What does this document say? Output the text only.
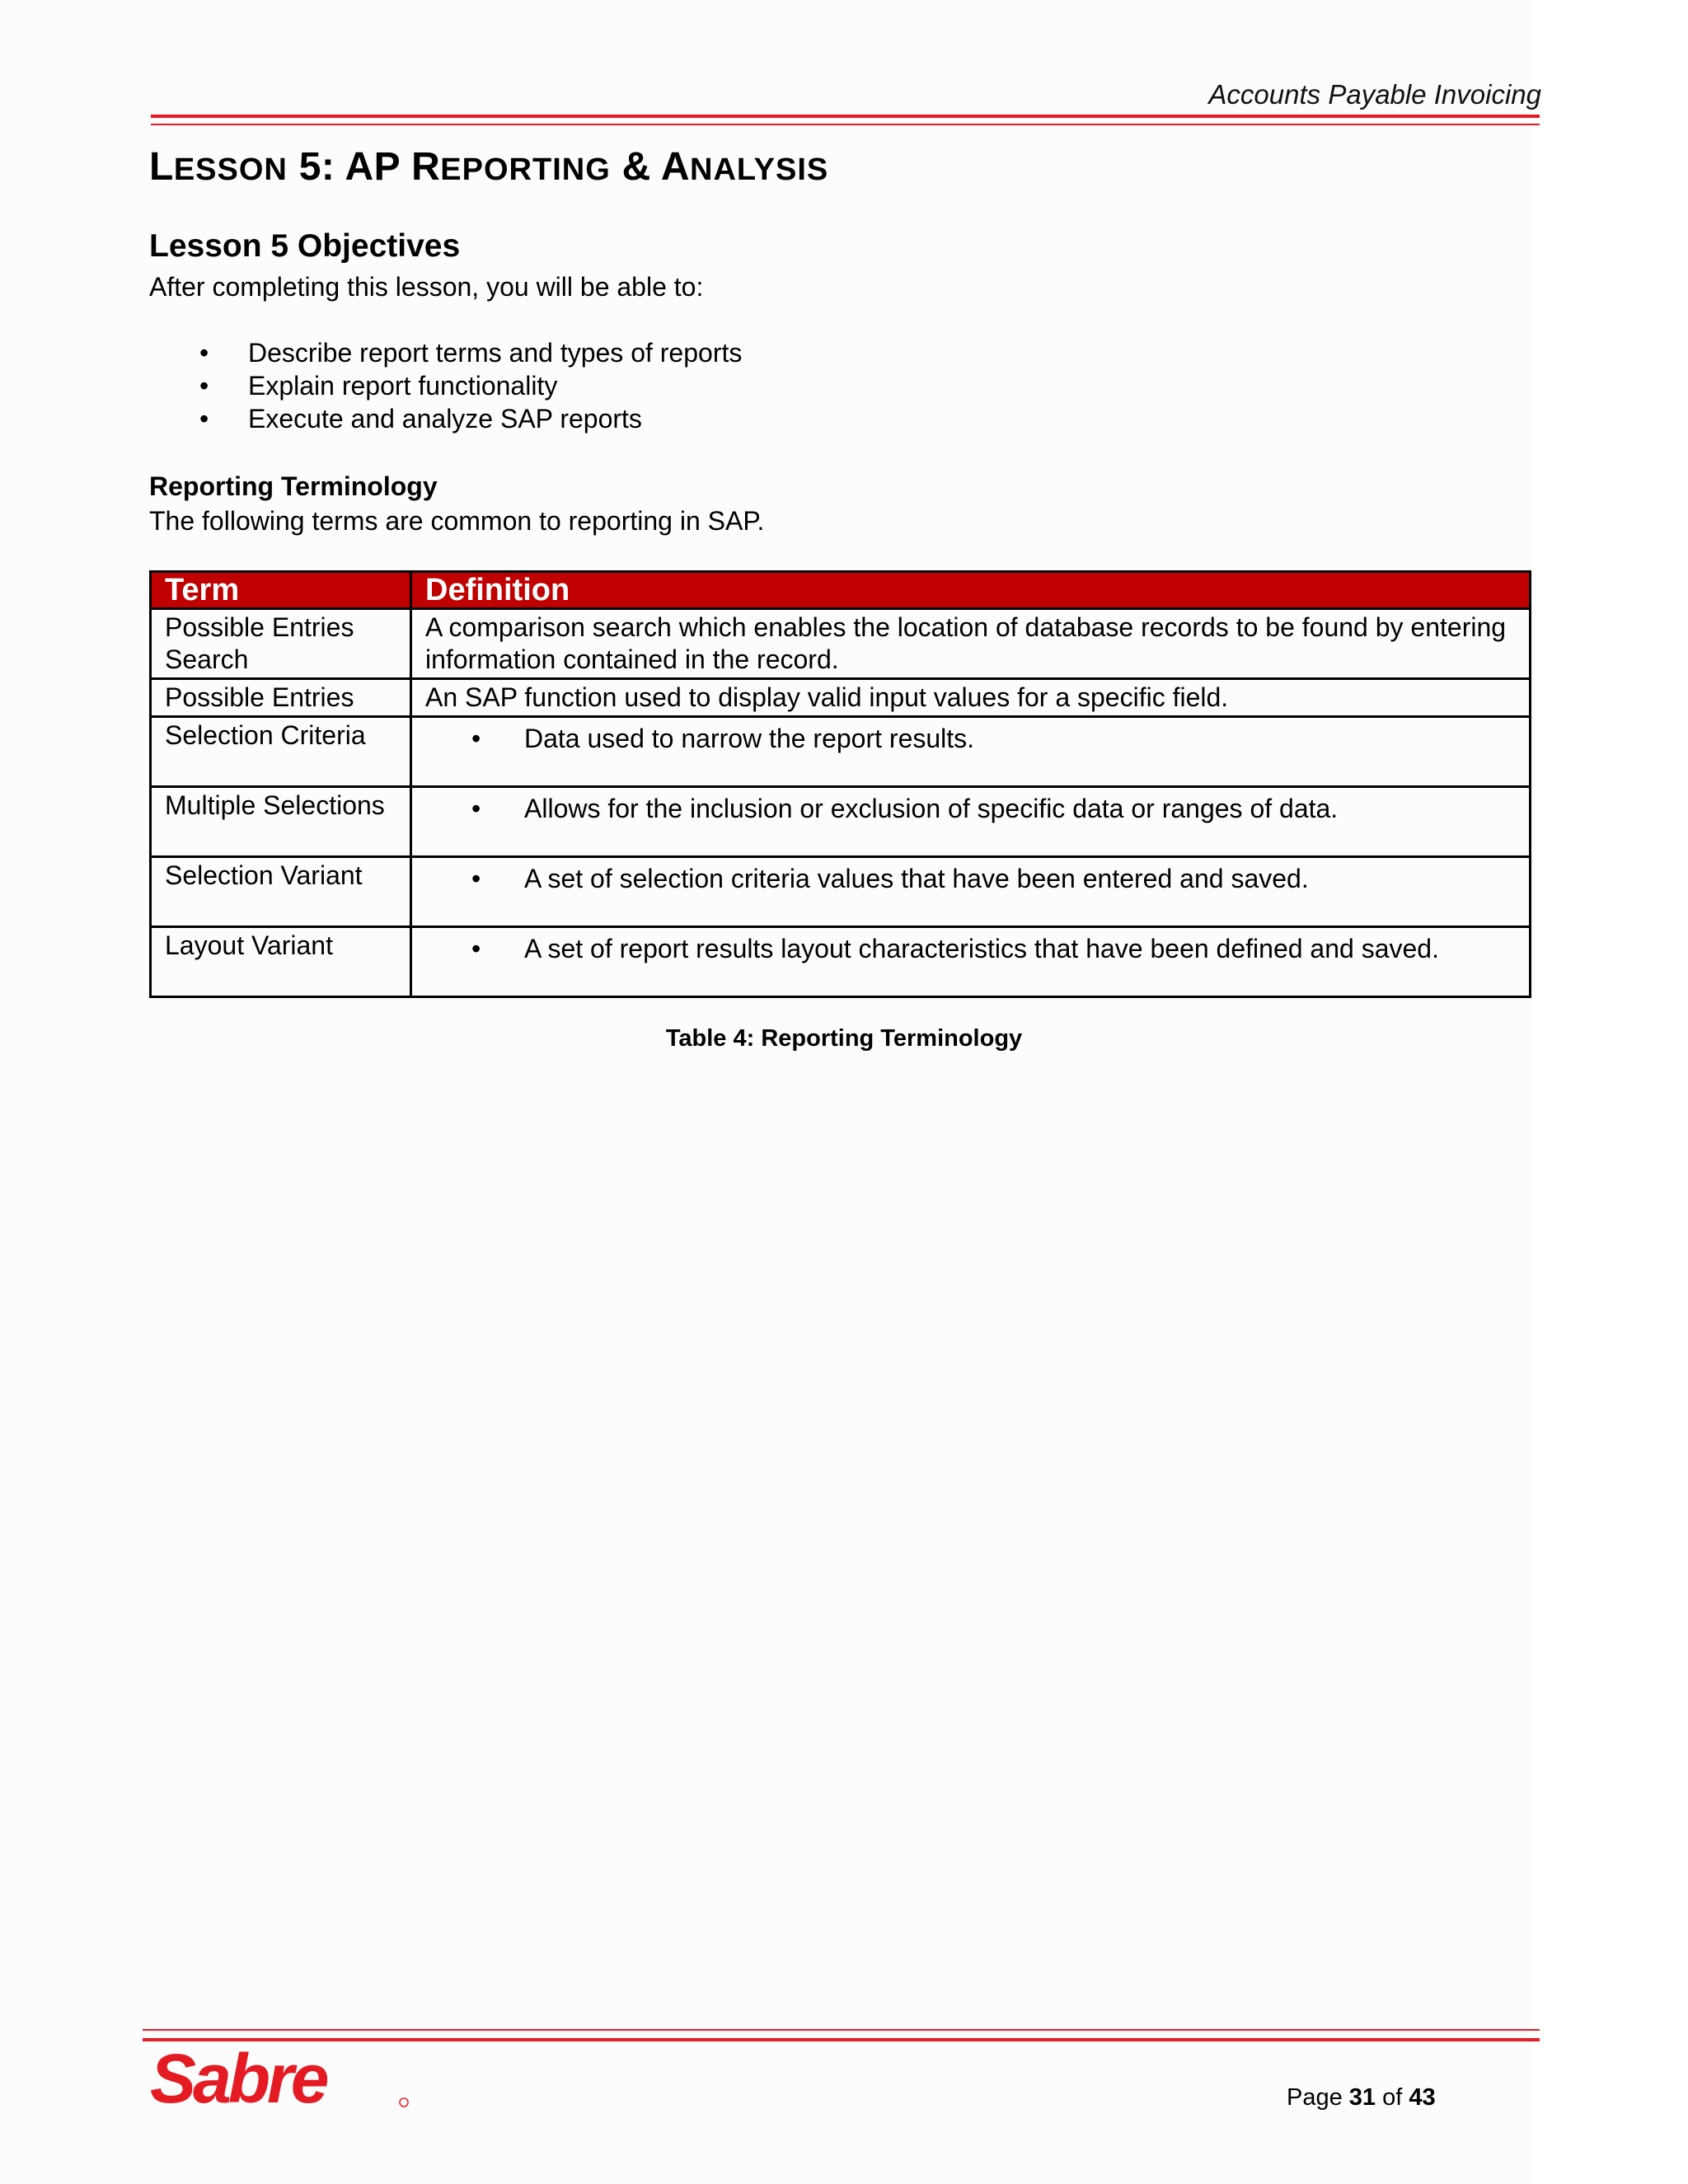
Accounts Payable Invoicing
LESSON 5: AP REPORTING & ANALYSIS
Lesson 5 Objectives
After completing this lesson, you will be able to:
• Describe report terms and types of reports
• Explain report functionality
• Execute and analyze SAP reports
Reporting Terminology
The following terms are common to reporting in SAP.
Term	Definition
Possible Entries Search	A comparison search which enables the location of database records to be found by entering information contained in the record.
Possible Entries	An SAP function used to display valid input values for a specific field.
Selection Criteria	• Data used to narrow the report results.

Multiple Selections	• Allows for the inclusion or exclusion of specific data or ranges of data.

Selection Variant	• A set of selection criteria values that have been entered and saved.

Layout Variant	• A set of report results layout characteristics that have been defined and saved.
Table 4: Reporting Terminology
Sabre	Page 31 of 43
